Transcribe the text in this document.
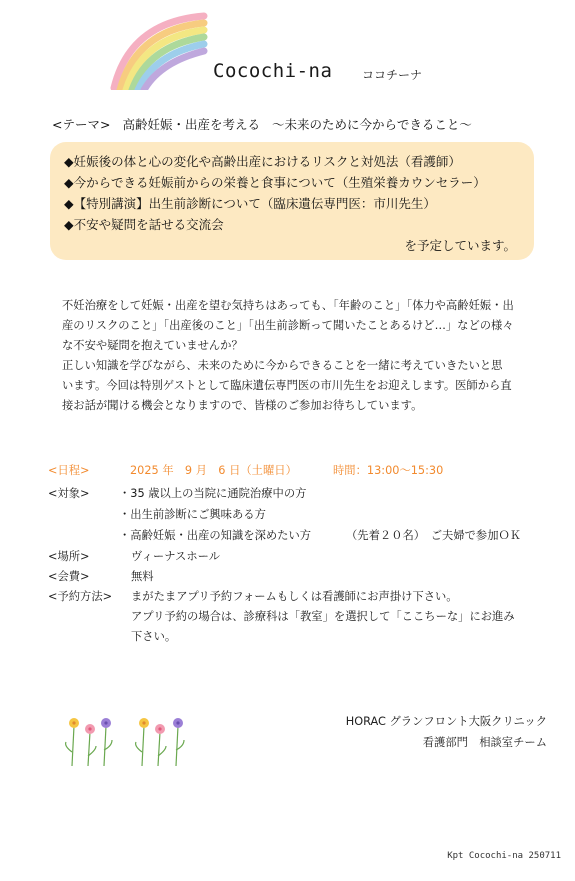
Cocochi-na ココチーナ
<テーマ> 高齢妊娠・出産を考える 〜未来のために今からできること〜
◆妊娠後の体と心の変化や高齢出産におけるリスクと対処法（看護師）
◆今からできる妊娠前からの栄養と食事について（生殖栄養カウンセラー）
◆【特別講演】出生前診断について（臨床遺伝専門医：市川先生）
◆不安や疑問を話せる交流会
を予定しています。

不妊治療をして妊娠・出産を望む気持ちはあっても、「年齢のこと」「体力や高齢妊娠・出
産のリスクのこと」「出産後のこと」「出生前診断って聞いたことあるけど…」などの様々
な不安や疑問を抱えていませんか？

正しい知識を学びながら、未来のために今からできることを一緒に考えていきたいと思
います。今回は特別ゲストとして臨床遺伝専門医の市川先生をお迎えします。医師から直
接お話が聞ける機会となりますので、皆様のご参加お待ちしています。

<日程>	2025 年　9 月　6 日（土曜日）	時間：13:00〜15:30
<対象>	・35 歳以上の当院に通院治療中の方
・出生前診断にご興味ある方
・高齢妊娠・出産の知識を深めたい方	（先着２０名）　ご夫婦で参加ＯＫ
<場所>	ヴィーナスホール
<会費>	無料
<予約方法> まがたまアプリ予約フォームもしくは看護師にお声掛け下さい。
アプリ予約の場合は、診療科は「教室」を選択して「ここちーな」にお進み
下さい。
HORAC グランフロント大阪クリニック
看護部門　相談室チーム
Kpt Cocochi-na 250711
